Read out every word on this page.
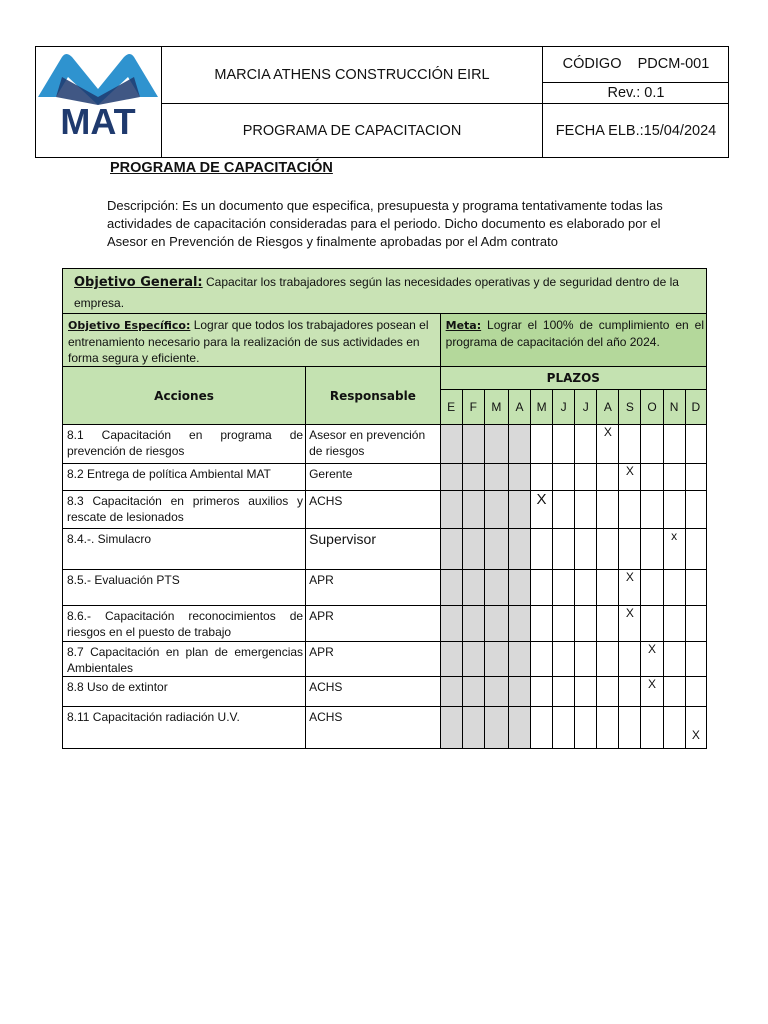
MAT
MARCIA ATHENS CONSTRUCCIÓN EIRL
PROGRAMA DE CAPACITACION
CÓDIGO    PDCM-001
Rev.: 0.1
FECHA ELB.:15/04/2024
PROGRAMA DE CAPACITACIÓN
Descripción: Es un documento que especifica, presupuesta y programa tentativamente todas las actividades de capacitación consideradas para el periodo. Dicho documento es elaborado por el Asesor en Prevención de Riesgos y finalmente aprobadas por el Adm contrato
Objetivo General: Capacitar los trabajadores según las necesidades operativas y de seguridad dentro de la empresa.													
Objetivo Específico: Lograr que todos los trabajadores posean el entrenamiento necesario para la realización de sus actividades en forma segura y eficiente.		Meta: Lograr el 100% de cumplimiento en el programa de capacitación del año 2024.											
Acciones	Responsable	PLAZOS											
		E	F	M	A	M	J	J	A	S	O	N	D
8.1 Capacitación en programa de prevención de riesgos	Asesor en prevención de riesgos								X				
8.2 Entrega de política Ambiental MAT	Gerente									X			
8.3 Capacitación en primeros auxilios y rescate de lesionados	ACHS					X							
8.4.-. Simulacro	Supervisor											x	
8.5.- Evaluación PTS	APR									X			
8.6.- Capacitación reconocimientos de riesgos en el puesto de trabajo	APR									X			
8.7 Capacitación en plan de emergencias Ambientales	APR										X		
8.8 Uso de extintor	ACHS										X		
8.11 Capacitación radiación U.V.	ACHS												X
